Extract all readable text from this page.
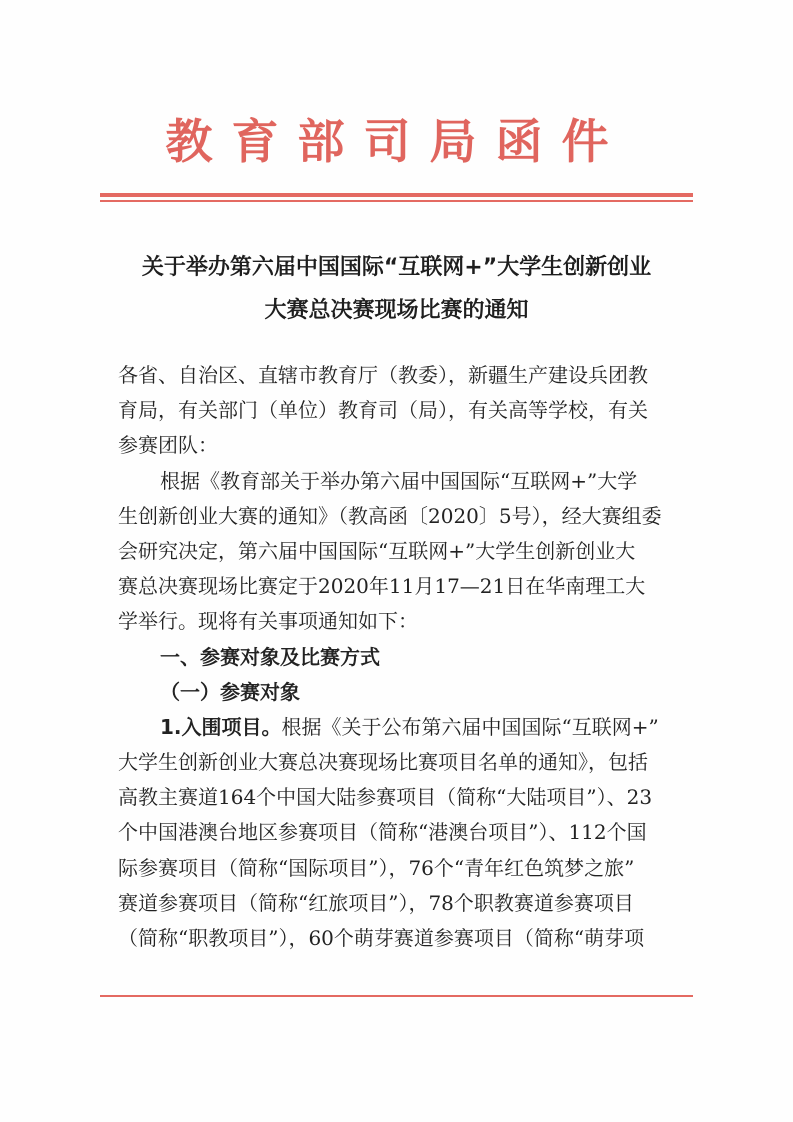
教育部司局函件
关于举办第六届中国国际“互联网+”大学生创新创业
大赛总决赛现场比赛的通知
各省、自治区、直辖市教育厅（教委），新疆生产建设兵团教
育局，有关部门（单位）教育司（局），有关高等学校，有关
参赛团队：
根据《教育部关于举办第六届中国国际“互联网+”大学
生创新创业大赛的通知》（教高函〔2020〕5号），经大赛组委
会研究决定，第六届中国国际“互联网+”大学生创新创业大
赛总决赛现场比赛定于2020年11月17—21日在华南理工大
学举行。现将有关事项通知如下：
一、参赛对象及比赛方式
（一）参赛对象
1.入围项目。根据《关于公布第六届中国国际“互联网+”
大学生创新创业大赛总决赛现场比赛项目名单的通知》，包括
高教主赛道164个中国大陆参赛项目（简称“大陆项目”）、23
个中国港澳台地区参赛项目（简称“港澳台项目”）、112个国
际参赛项目（简称“国际项目”），76个“青年红色筑梦之旅”
赛道参赛项目（简称“红旅项目”），78个职教赛道参赛项目
（简称“职教项目”），60个萌芽赛道参赛项目（简称“萌芽项
